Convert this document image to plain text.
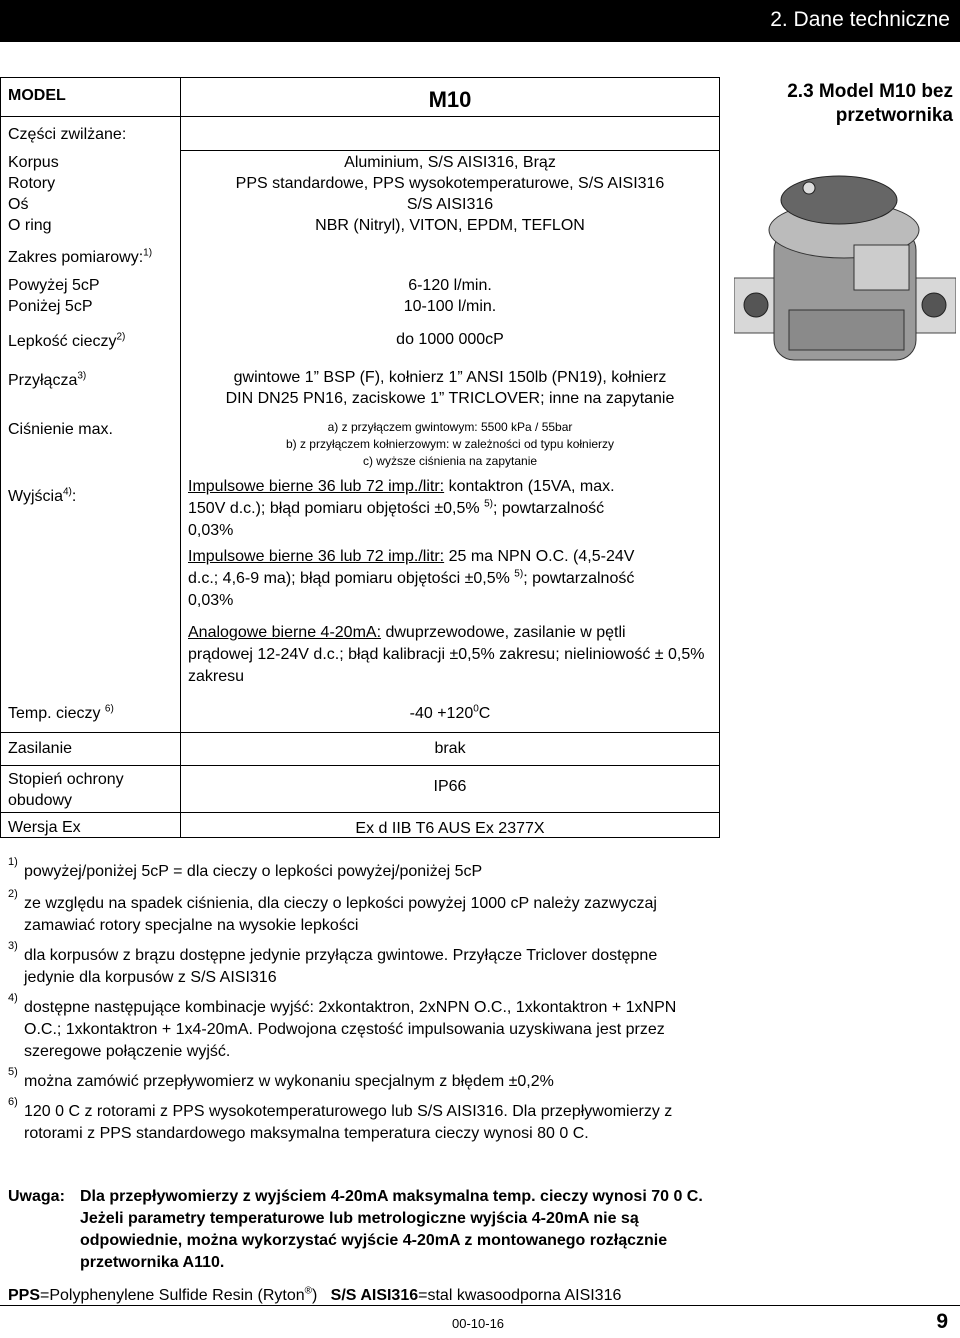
2. Dane techniczne
MODEL
Części zwilżane:
Korpus
Rotory
Oś
O ring
Zakres pomiarowy:$^{1)}$
Powyżej 5cP
Poniżej 5cP
Lepkość cieczy$^{2)}$
Przyłącza$^{3)}$
Ciśnienie max.
Wyjścia$^{4)}$:
Temp. cieczy $^{6)}$
Zasilanie
Stopień ochrony
obudowy
Wersja Ex
M10
Aluminium, S/S AISI316, Brąz
PPS standardowe, PPS wysokotemperaturowe, S/S AISI316
S/S AISI316
NBR (Nitryl), VITON, EPDM, TEFLON
6-120 l/min.
10-100 l/min.
do 1000 000cP
gwintowe 1” BSP (F), kołnierz 1” ANSI 150lb (PN19), kołnierz
DIN DN25 PN16, zaciskowe 1” TRICLOVER; inne na zapytanie
a) z przyłączem gwintowym: 5500 kPa / 55bar
b) z przyłączem kołnierzowym: w zależności od typu kołnierzy
c) wyższe ciśnienia na zapytanie
Impulsowe bierne 36 lub 72 imp./litr: kontaktron (15VA, max.
150V d.c.); błąd pomiaru objętości ±0,5% $^{5)}$; powtarzalność
0,03%
Impulsowe bierne 36 lub 72 imp./litr: 25 ma NPN O.C. (4,5-24V
d.c.; 4,6-9 ma); błąd pomiaru objętości ±0,5% $^{5)}$; powtarzalność
0,03%
Analogowe bierne 4-20mA: dwuprzewodowe, zasilanie w pętli
prądowej 12-24V d.c.; błąd kalibracji ±0,5% zakresu; nieliniowość ± 0,5% zakresu
$-40 +120^0C$
brak
IP66
Ex d IIB T6 AUS Ex 2377X
2.3 Model M10 bez przetwornika
1)
powyżej/poniżej 5cP = dla cieczy o lepkości powyżej/poniżej 5cP
2)
ze względu na spadek ciśnienia, dla cieczy o lepkości powyżej 1000 cP należy zazwyczaj zamawiać rotory specjalne na wysokie lepkości
3)
dla korpusów z brązu dostępne jedynie przyłącza gwintowe. Przyłącze Triclover dostępne jedynie dla korpusów z S/S AISI316
4)
dostępne następujące kombinacje wyjść: 2xkontaktron, 2xNPN O.C., 1xkontaktron + 1xNPN O.C.; 1xkontaktron + 1x4-20mA. Podwojona częstość impulsowania uzyskiwana jest przez szeregowe połączenie wyjść.
5)
można zamówić przepływomierz w wykonaniu specjalnym z błędem ±0,2%
6)
120 0 C z rotorami z PPS wysokotemperaturowego lub S/S AISI316. Dla przepływomierzy z rotorami z PPS standardowego maksymalna temperatura cieczy wynosi 80 0 C.
Uwaga: Dla przepływomierzy z wyjściem 4-20mA maksymalna temp. cieczy wynosi 70 0 C. Jeżeli parametry temperaturowe lub metrologiczne wyjścia 4-20mA nie są odpowiednie, można wykorzystać wyjście 4-20mA z montowanego rozłącznie przetwornika A110.
PPS=Polyphenylene Sulfide Resin (Ryton®) S/S AISI316=stal kwasoodporna AISI316
00-10-16	9
